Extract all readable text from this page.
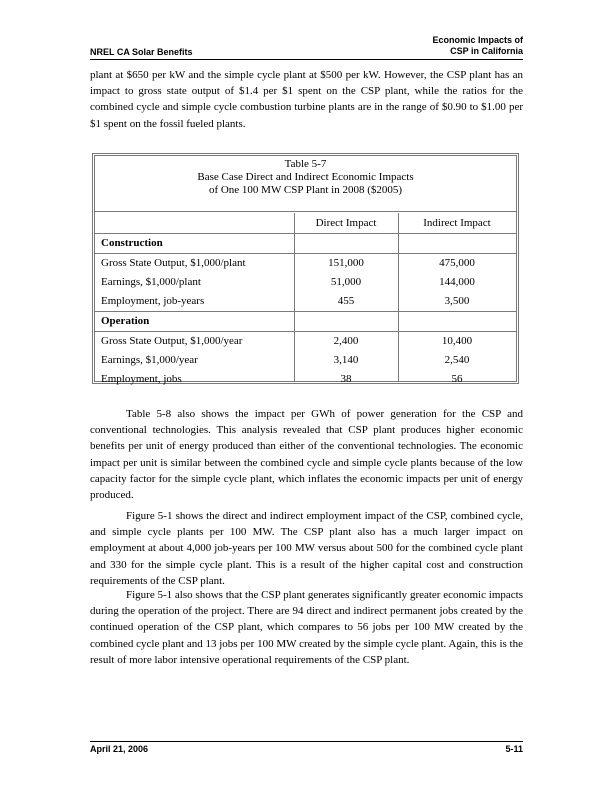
NREL CA Solar Benefits
Economic Impacts of
CSP in California

plant at $650 per kW and the simple cycle plant at $500 per kW. However, the CSP plant has an impact to gross state output of $1.4 per $1 spent on the CSP plant, while the ratios for the combined cycle and simple cycle combustion turbine plants are in the range of $0.90 to $1.00 per $1 spent on the fossil fueled plants.

Table 5-7
Base Case Direct and Indirect Economic Impacts
of One 100 MW CSP Plant in 2008 ($2005)
Direct Impact	Indirect Impact
Construction
Gross State Output, $1,000/plant	151,000	475,000
Earnings, $1,000/plant	51,000	144,000
Employment, job-years	455	3,500
Operation
Gross State Output, $1,000/year	2,400	10,400
Earnings, $1,000/year	3,140	2,540
Employment, jobs	38	56

Table 5-8 also shows the impact per GWh of power generation for the CSP and conventional technologies. This analysis revealed that CSP plant produces higher economic benefits per unit of energy produced than either of the conventional technologies. The economic impact per unit is similar between the combined cycle and simple cycle plants because of the low capacity factor for the simple cycle plant, which inflates the economic impacts per unit of energy produced.

Figure 5-1 shows the direct and indirect employment impact of the CSP, combined cycle, and simple cycle plants per 100 MW. The CSP plant also has a much larger impact on employment at about 4,000 job-years per 100 MW versus about 500 for the combined cycle plant and 330 for the simple cycle plant. This is a result of the higher capital cost and construction requirements of the CSP plant.

Figure 5-1 also shows that the CSP plant generates significantly greater economic impacts during the operation of the project. There are 94 direct and indirect permanent jobs created by the continued operation of the CSP plant, which compares to 56 jobs per 100 MW created by the combined cycle plant and 13 jobs per 100 MW created by the simple cycle plant. Again, this is the result of more labor intensive operational requirements of the CSP plant.

April 21, 2006	5-11
